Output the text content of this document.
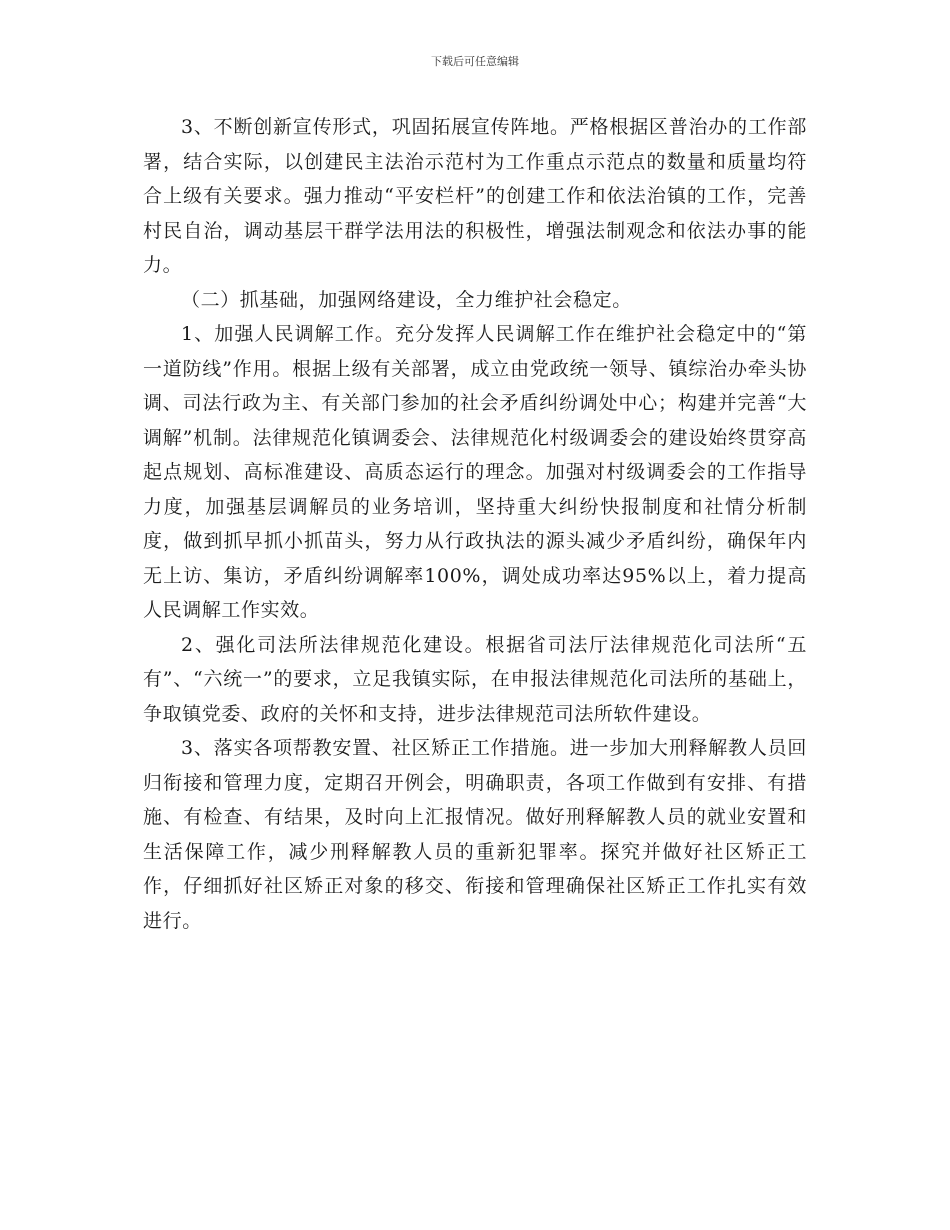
下载后可任意编辑

3、不断创新宣传形式，巩固拓展宣传阵地。严格根据区普治办的工作部署，结合实际，以创建民主法治示范村为工作重点示范点的数量和质量均符合上级有关要求。强力推动“平安栏杆”的创建工作和依法治镇的工作，完善村民自治，调动基层干群学法用法的积极性，增强法制观念和依法办事的能力。

（二）抓基础，加强网络建设，全力维护社会稳定。

1、加强人民调解工作。充分发挥人民调解工作在维护社会稳定中的“第一道防线”作用。根据上级有关部署，成立由党政统一领导、镇综治办牵头协调、司法行政为主、有关部门参加的社会矛盾纠纷调处中心；构建并完善“大调解”机制。法律规范化镇调委会、法律规范化村级调委会的建设始终贯穿高起点规划、高标准建设、高质态运行的理念。加强对村级调委会的工作指导力度，加强基层调解员的业务培训，坚持重大纠纷快报制度和社情分析制度，做到抓早抓小抓苗头，努力从行政执法的源头减少矛盾纠纷，确保年内无上访、集访，矛盾纠纷调解率100%，调处成功率达95%以上，着力提高人民调解工作实效。

2、强化司法所法律规范化建设。根据省司法厅法律规范化司法所“五有”、“六统一”的要求，立足我镇实际，在申报法律规范化司法所的基础上，争取镇党委、政府的关怀和支持，进步法律规范司法所软件建设。

3、落实各项帮教安置、社区矫正工作措施。进一步加大刑释解教人员回归衔接和管理力度，定期召开例会，明确职责，各项工作做到有安排、有措施、有检查、有结果，及时向上汇报情况。做好刑释解教人员的就业安置和生活保障工作，减少刑释解教人员的重新犯罪率。探究并做好社区矫正工作，仔细抓好社区矫正对象的移交、衔接和管理确保社区矫正工作扎实有效进行。
